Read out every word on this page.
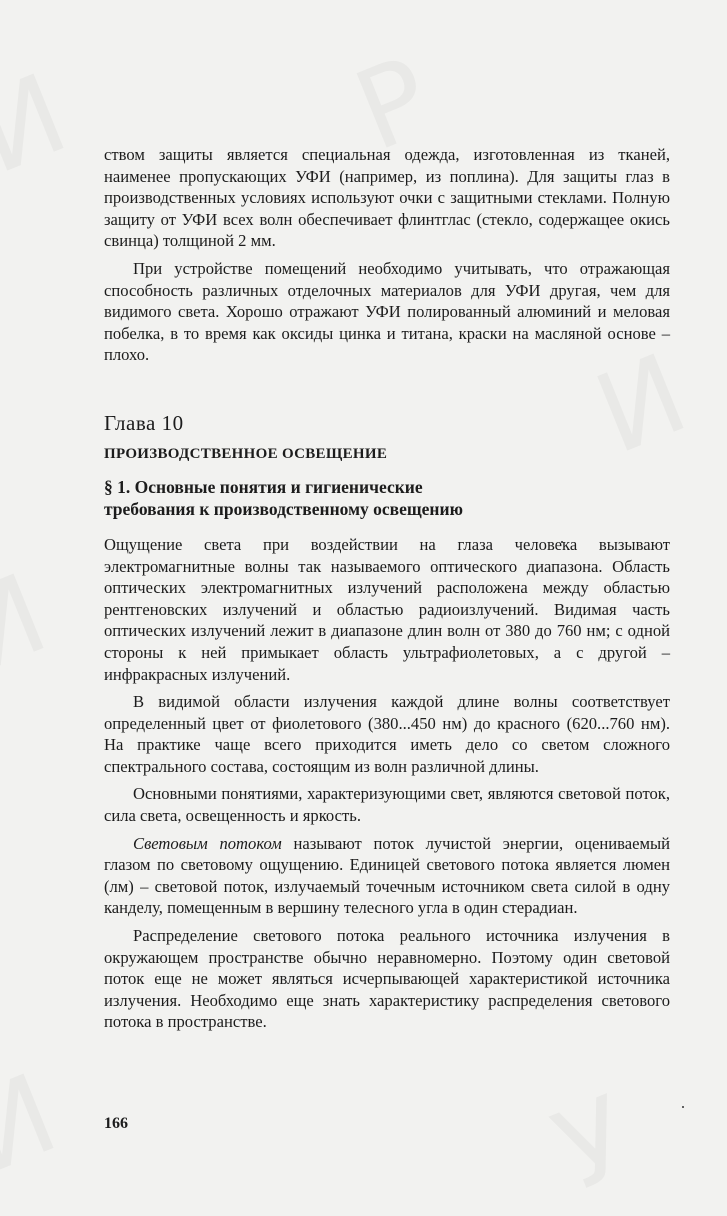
ством защиты является специальная одежда, изготовленная из тканей, наименее пропускающих УФИ (например, из поплина). Для защиты глаз в производственных условиях используют очки с защитными стеклами. Полную защиту от УФИ всех волн обеспечивает флинтглас (стекло, содержащее окись свинца) толщиной 2 мм.

При устройстве помещений необходимо учитывать, что отражающая способность различных отделочных материалов для УФИ другая, чем для видимого света. Хорошо отражают УФИ полированный алюминий и меловая побелка, в то время как оксиды цинка и титана, краски на масляной основе – плохо.

Глава 10
ПРОИЗВОДСТВЕННОЕ ОСВЕЩЕНИЕ
§ 1. Основные понятия и гигиенические
требования к производственному освещению

Ощущение света при воздействии на глаза человека вызывают электромагнитные волны так называемого оптического диапазона. Область оптических электромагнитных излучений расположена между областью рентгеновских излучений и областью радиоизлучений. Видимая часть оптических излучений лежит в диапазоне длин волн от 380 до 760 нм; с одной стороны к ней примыкает область ультрафиолетовых, а с другой – инфракрасных излучений.

В видимой области излучения каждой длине волны соответствует определенный цвет от фиолетового (380...450 нм) до красного (620...760 нм). На практике чаще всего приходится иметь дело со светом сложного спектрального состава, состоящим из волн различной длины.

Основными понятиями, характеризующими свет, являются световой поток, сила света, освещенность и яркость.

Световым потоком называют поток лучистой энергии, оцениваемый глазом по световому ощущению. Единицей светового потока является люмен (лм) – световой поток, излучаемый точечным источником света силой в одну канделу, помещенным в вершину телесного угла в один стерадиан.

Распределение светового потока реального источника излучения в окружающем пространстве обычно неравномерно. Поэтому один световой поток еще не может являться исчерпывающей характеристикой источника излучения. Необходимо еще знать характеристику распределения светового потока в пространстве.

166
